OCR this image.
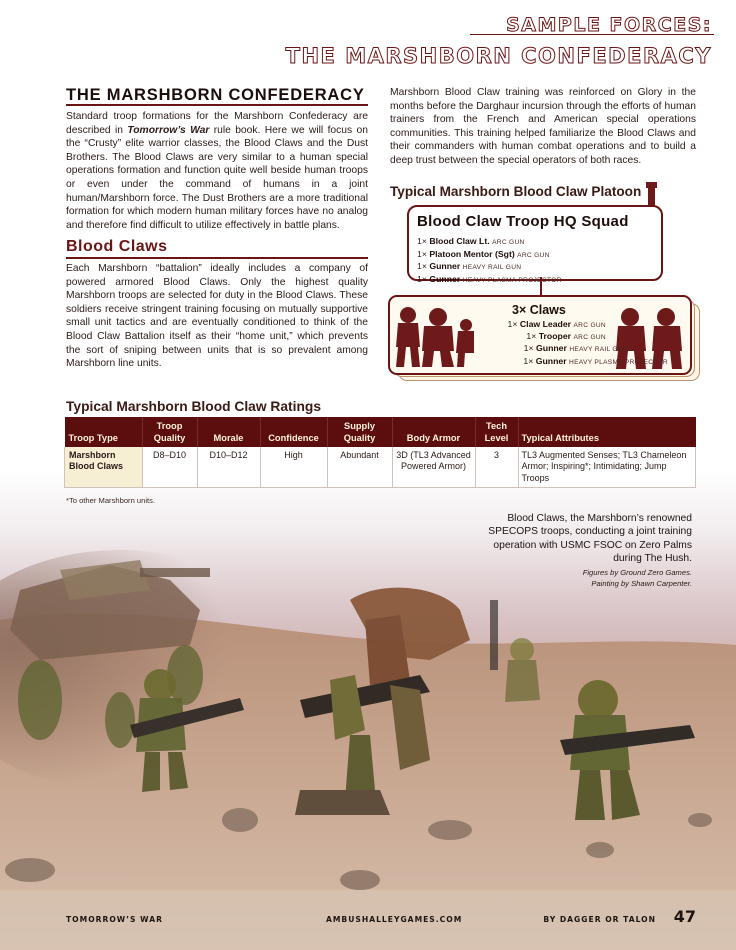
SAMPLE FORCES:
THE MARSHBORN CONFEDERACY
THE MARSHBORN CONFEDERACY

Standard troop formations for the Marshborn Confederacy are described in Tomorrow’s War rule book. Here we will focus on the “Crusty” elite warrior classes, the Blood Claws and the Dust Brothers. The Blood Claws are very similar to a human special operations formation and function quite well beside human troops or even under the command of humans in a joint human/Marshborn force. The Dust Brothers are a more traditional formation for which modern human military forces have no analog and therefore find difficult to utilize effectively in battle plans.

Blood Claws

Each Marshborn “battalion” ideally includes a company of powered armored Blood Claws. Only the highest quality Marshborn troops are selected for duty in the Blood Claws. These soldiers receive stringent training focusing on mutually supportive small unit tactics and are eventually conditioned to think of the Blood Claw Battalion itself as their “home unit,” which prevents the sort of sniping between units that is so prevalent among Marshborn line units.

Marshborn Blood Claw training was reinforced on Glory in the months before the Darghaur incursion through the efforts of human trainers from the French and American special operations communities. This training helped familiarize the Blood Claws and their commanders with human combat operations and to build a deep trust between the special operators of both races.

Typical Marshborn Blood Claw Platoon
Blood Claw Troop HQ Squad
1× Blood Claw Lt. ARC GUN
1× Platoon Mentor (Sgt) ARC GUN
1× Gunner HEAVY RAIL GUN
1× Gunner HEAVY PLASMA PROJECTOR
3× Claws
1× Claw Leader ARC GUN
1× Trooper ARC GUN
1× Gunner HEAVY RAIL GUN
1× Gunner HEAVY PLASMA PROJECTOR
Typical Marshborn Blood Claw Ratings
Troop Type	Troop Quality	Morale	Confidence	Supply Quality	Body Armor	Tech Level	Typical Attributes
Marshborn Blood Claws	D8–D10	D10–D12	High	Abundant	3D (TL3 Advanced Powered Armor)	3	TL3 Augmented Senses; TL3 Chameleon Armor; Inspiring*; Intimidating; Jump Troops
*To other Marshborn units.
Blood Claws, the Marshborn’s renowned SPECOPS troops, conducting a joint training operation with USMC FSOC on Zero Palms during The Hush.
Figures by Ground Zero Games.
Painting by Shawn Carpenter.
TOMORROW’S WAR	AMBUSHALLEYGAMES.COM	BY DAGGER OR TALON 47
